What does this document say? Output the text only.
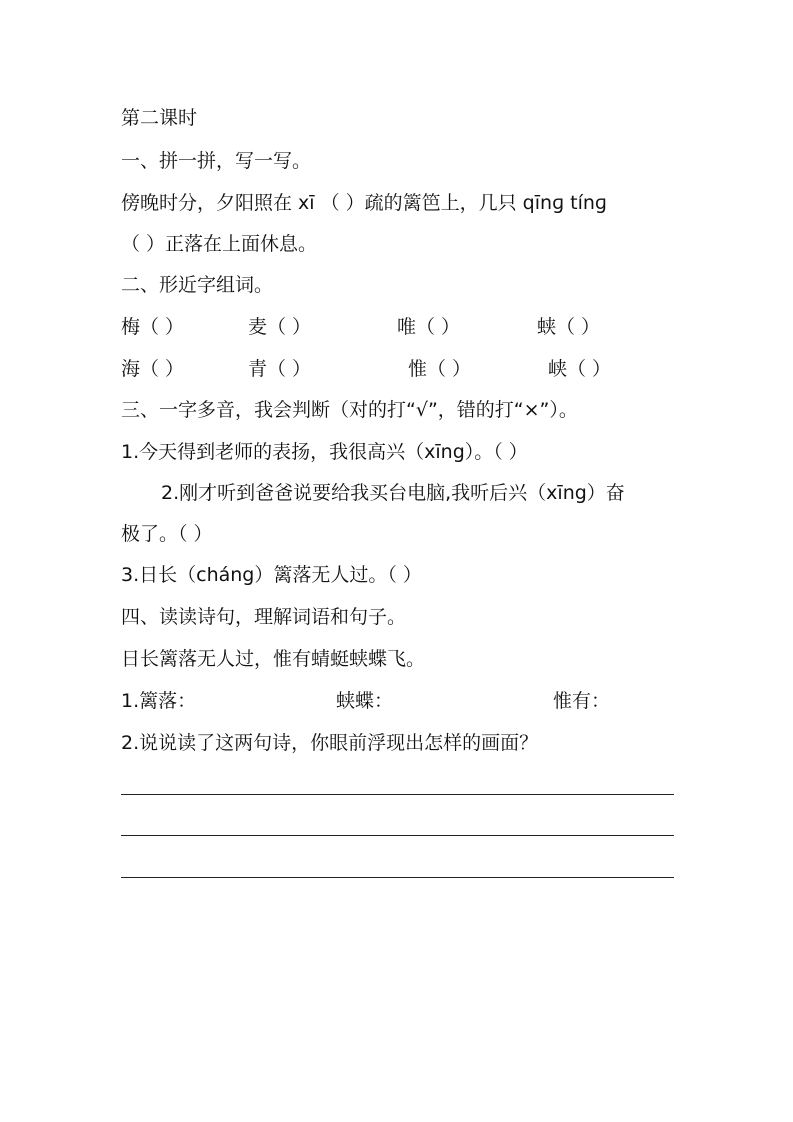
第二课时
一、拼一拼，写一写。
傍晚时分，夕阳照在 xī （ ）疏的篱笆上，几只 qīnɡ tínɡ
（ ）正落在上面休息。
二、形近字组词。
梅（ ）	麦（ ）	唯（ ）	蛱（ ）
海（ ）	青（ ）	惟（ ）	峡（ ）
三、一字多音，我会判断（对的打“√”，错的打“×”）。
1.今天得到老师的表扬，我很高兴（xīng）。（ ）
2.刚才听到爸爸说要给我买台电脑,我听后兴（xīng）奋
极了。（ ）
3.日长（cháng）篱落无人过。（ ）
四、读读诗句，理解词语和句子。
日长篱落无人过，惟有蜻蜓蛱蝶飞。
1.篱落：	蛱蝶：	惟有：
2.说说读了这两句诗，你眼前浮现出怎样的画面？
